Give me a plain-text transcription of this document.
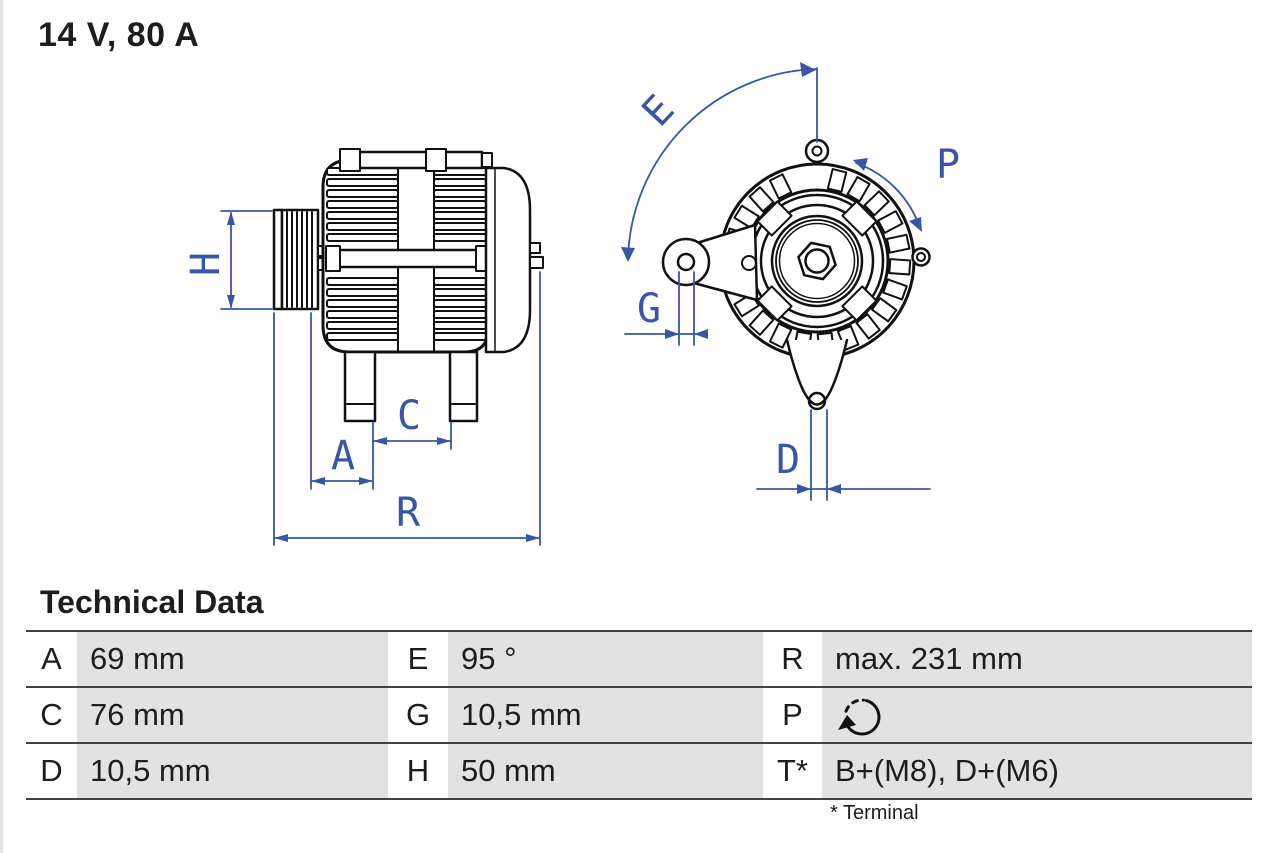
14 V, 80 A
H
A
C
R
E
G
D
P
Technical Data
A 69 mm	E	95 °	R	max. 231 mm
C 76 mm	G 10,5 mm	P
D 10,5 mm	H	50 mm	T* B+(M8), D+(M6)
* Terminal
